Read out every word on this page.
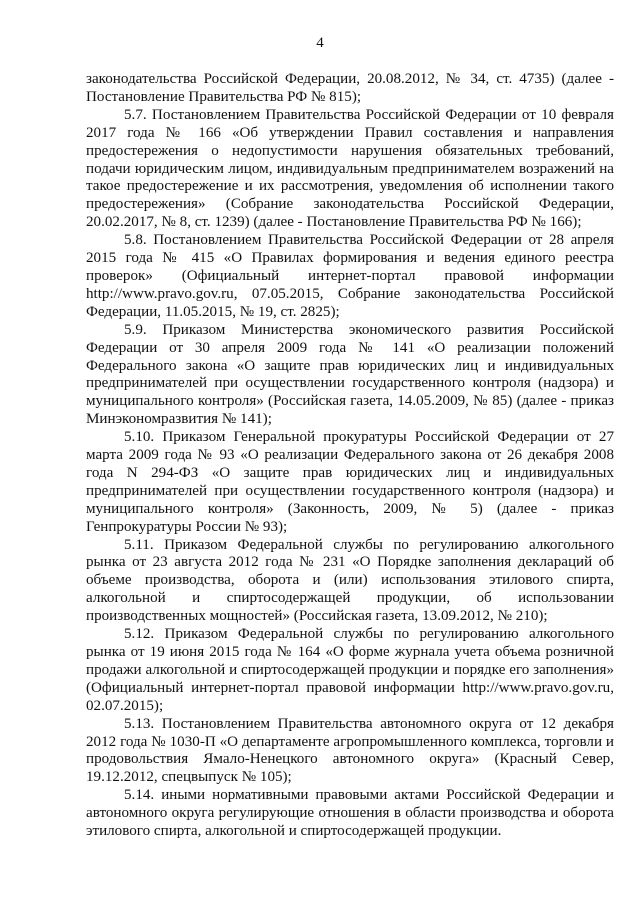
4

законодательства Российской Федерации, 20.08.2012, № 34, ст. 4735) (далее - Постановление Правительства РФ № 815);

5.7. Постановлением Правительства Российской Федерации от 10 февраля 2017 года № 166 «Об утверждении Правил составления и направления предостережения о недопустимости нарушения обязательных требований, подачи юридическим лицом, индивидуальным предпринимателем возражений на такое предостережение и их рассмотрения, уведомления об исполнении такого предостережения» (Собрание законодательства Российской Федерации, 20.02.2017, № 8, ст. 1239) (далее - Постановление Правительства РФ № 166);

5.8. Постановлением Правительства Российской Федерации от 28 апреля 2015 года № 415 «О Правилах формирования и ведения единого реестра проверок» (Официальный интернет-портал правовой информации http://www.pravo.gov.ru, 07.05.2015, Собрание законодательства Российской Федерации, 11.05.2015, № 19, ст. 2825);

5.9. Приказом Министерства экономического развития Российской Федерации от 30 апреля 2009 года № 141 «О реализации положений Федерального закона «О защите прав юридических лиц и индивидуальных предпринимателей при осуществлении государственного контроля (надзора) и муниципального контроля» (Российская газета, 14.05.2009, № 85) (далее - приказ Минэкономразвития № 141);

5.10. Приказом Генеральной прокуратуры Российской Федерации от 27 марта 2009 года № 93 «О реализации Федерального закона от 26 декабря 2008 года N 294-ФЗ «О защите прав юридических лиц и индивидуальных предпринимателей при осуществлении государственного контроля (надзора) и муниципального контроля» (Законность, 2009, № 5) (далее - приказ Генпрокуратуры России № 93);

5.11. Приказом Федеральной службы по регулированию алкогольного рынка от 23 августа 2012 года № 231 «О Порядке заполнения деклараций об объеме производства, оборота и (или) использования этилового спирта, алкогольной и спиртосодержащей продукции, об использовании производственных мощностей» (Российская газета, 13.09.2012, № 210);

5.12. Приказом Федеральной службы по регулированию алкогольного рынка от 19 июня 2015 года № 164 «О форме журнала учета объема розничной продажи алкогольной и спиртосодержащей продукции и порядке его заполнения» (Официальный интернет-портал правовой информации http://www.pravo.gov.ru, 02.07.2015);

5.13. Постановлением Правительства автономного округа от 12 декабря 2012 года № 1030-П «О департаменте агропромышленного комплекса, торговли и продовольствия Ямало-Ненецкого автономного округа» (Красный Север, 19.12.2012, спецвыпуск № 105);

5.14. иными нормативными правовыми актами Российской Федерации и автономного округа регулирующие отношения в области производства и оборота этилового спирта, алкогольной и спиртосодержащей продукции.
